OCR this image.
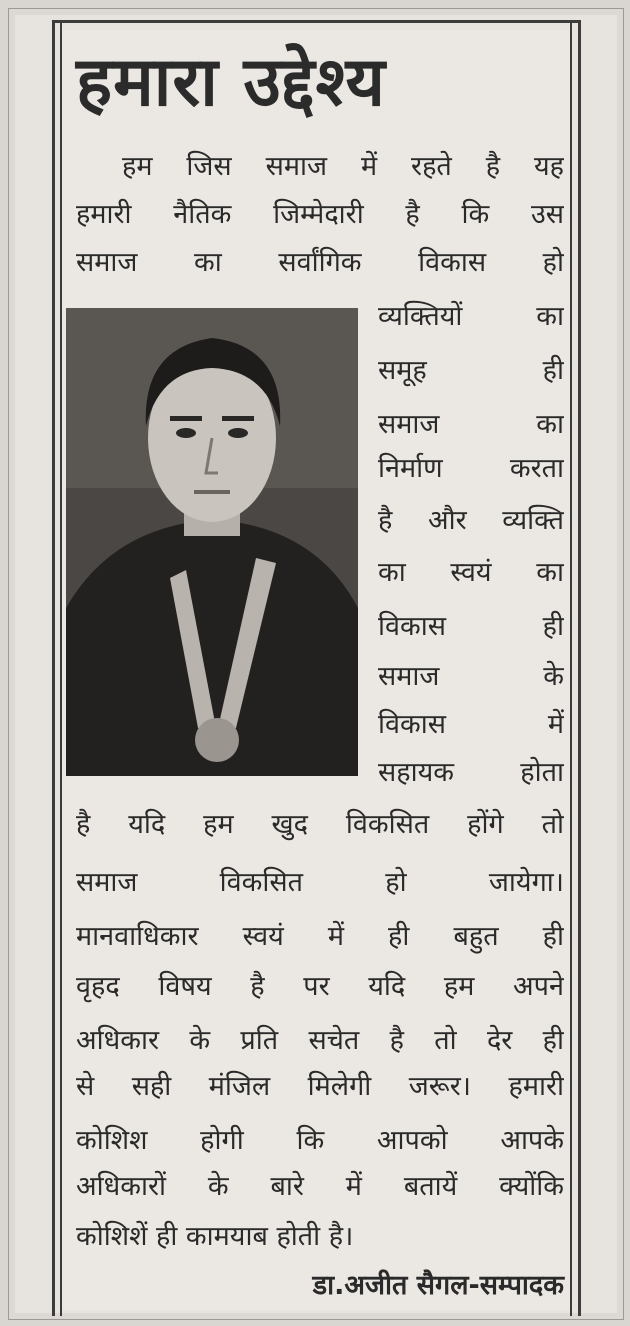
हमारा उद्देश्य
हम जिस समाज में रहते है यह
हमारी नैतिक जिम्मेदारी है कि उस
समाज का सर्वांगिक विकास हो
व्यक्तियों का
समूह ही
समाज का
निर्माण करता
है और व्यक्ति
का स्वयं का
विकास ही
समाज के
विकास में
सहायक होता
है यदि हम खुद विकसित होंगे तो
समाज विकसित हो जायेगा।
मानवाधिकार स्वयं में ही बहुत ही
वृहद विषय है पर यदि हम अपने
अधिकार के प्रति सचेत है तो देर ही
से सही मंजिल मिलेगी जरूर। हमारी
कोशिश होगी कि आपको आपके
अधिकारों के बारे में बतायें क्योंकि
कोशिशें ही कामयाब होती है।
डा.अजीत सैगल-सम्पादक
